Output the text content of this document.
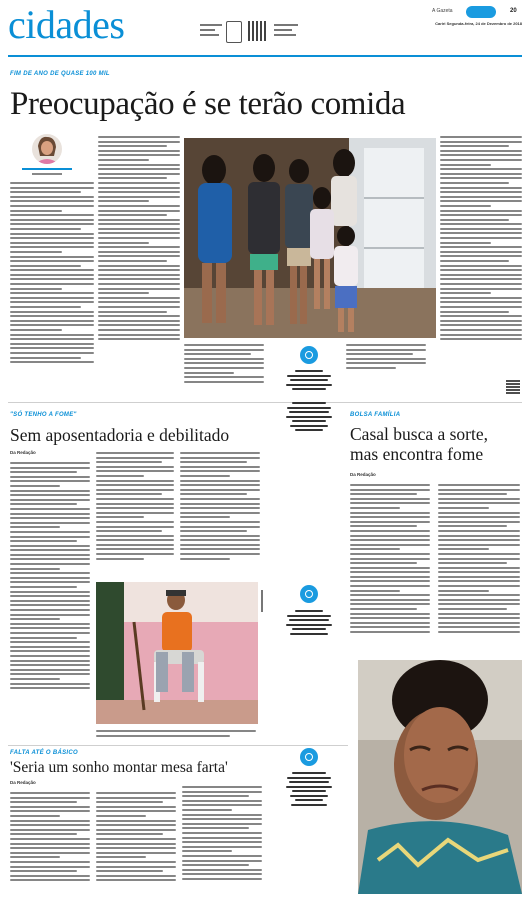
cidades	A Gazeta	20
Cariri Segunda-feira, 24 de Dezembro de 2018
FIM DE ANO DE QUASE 100 MIL
Preocupação é se terão comida
"SÓ TENHO A FOME"
Sem aposentadoria e debilitado
Da Redação
BOLSA FAMÍLIA
Casal busca a sorte, mas encontra fome
Da Redação
FALTA ATÉ O BÁSICO
'Seria um sonho montar mesa farta'
Da Redação
